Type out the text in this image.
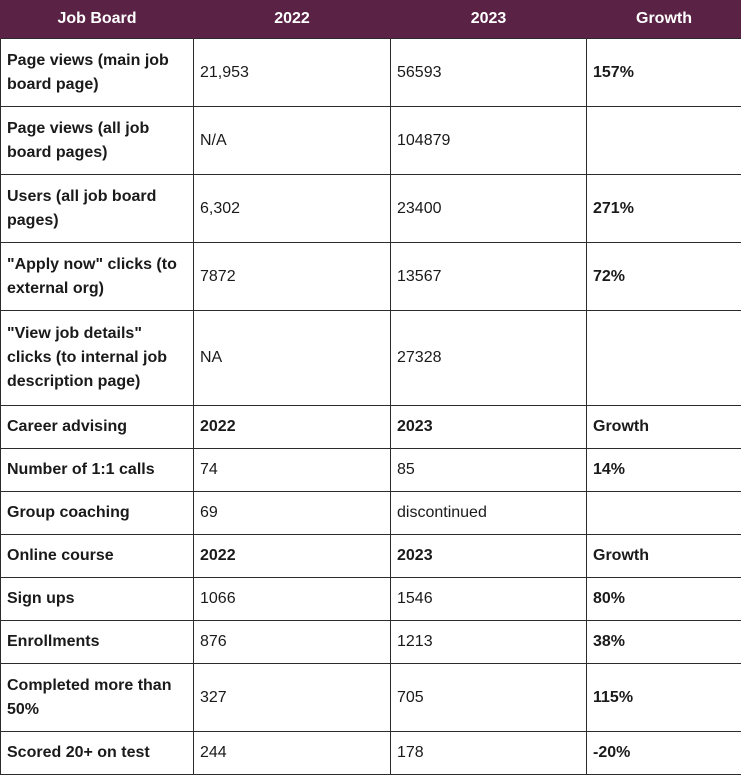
Job Board	2022	2023	Growth
Page views (main job board page)	21,953	56593	157%
Page views (all job board pages)	N/A	104879	
Users (all job board pages)	6,302	23400	271%
"Apply now" clicks (to external org)	7872	13567	72%
"View job details" clicks (to internal job description page)	NA	27328	
Career advising	2022	2023	Growth
Number of 1:1 calls	74	85	14%
Group coaching	69	discontinued	
Online course	2022	2023	Growth
Sign ups	1066	1546	80%
Enrollments	876	1213	38%
Completed more than 50%	327	705	115%
Scored 20+ on test	244	178	-20%
